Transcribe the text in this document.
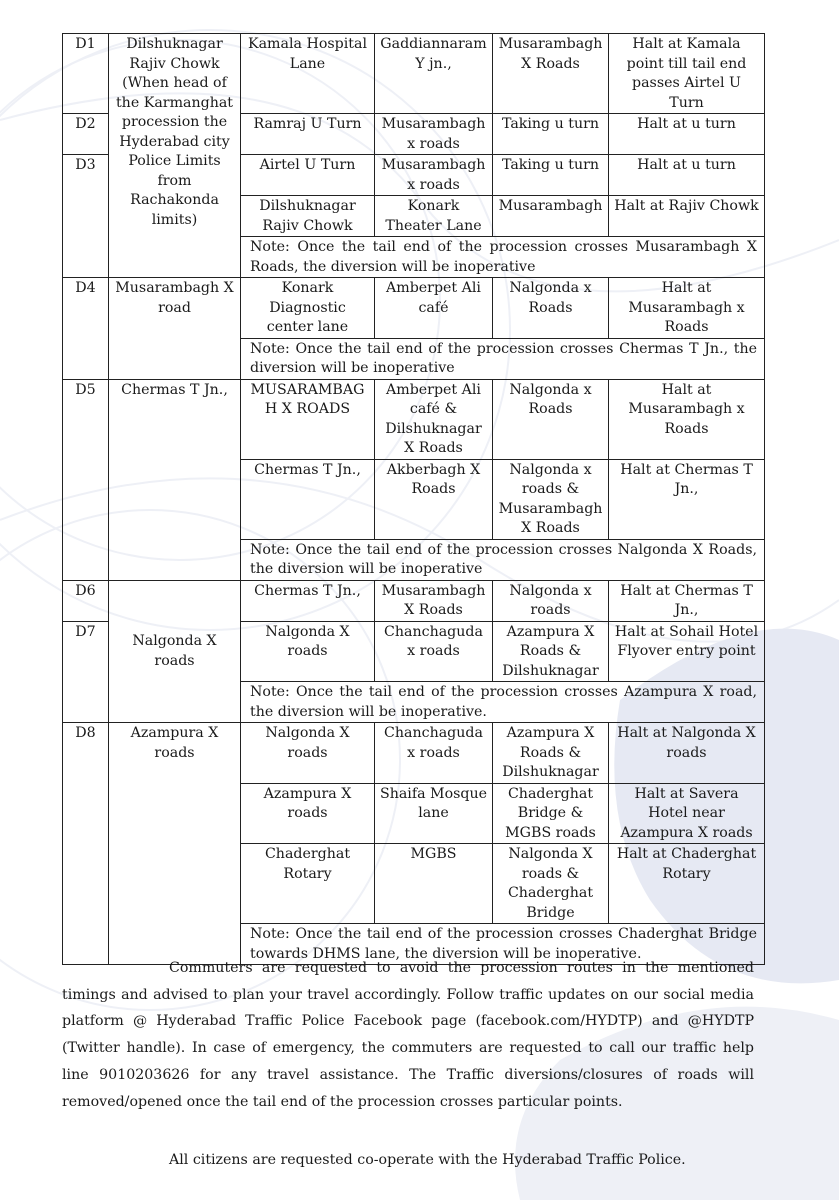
D1	Dilshuknagar Rajiv Chowk (When head of the Karmanghat procession the Hyderabad city Police Limits from Rachakonda limits)	Kamala Hospital Lane	Gaddiannaram Y jn.,	Musarambagh X Roads	Halt at Kamala point till tail end passes Airtel U Turn
D2		Ramraj U Turn	Musarambagh x roads	Taking u turn	Halt at u turn
D3		Airtel U Turn	Musarambagh x roads	Taking u turn	Halt at u turn
		Dilshuknagar Rajiv Chowk	Konark Theater Lane	Musarambagh	Halt at Rajiv Chowk
		Note: Once the tail end of the procession crosses Musarambagh X Roads, the diversion will be inoperative			
D4	Musarambagh X road	Konark Diagnostic center lane	Amberpet Ali café	Nalgonda x Roads	Halt at Musarambagh x Roads
		Note: Once the tail end of the procession crosses Chermas T Jn., the diversion will be inoperative			
D5	Chermas T Jn.,	MUSARAMBAGH X ROADS	Amberpet Ali café & Dilshuknagar X Roads	Nalgonda x Roads	Halt at Musarambagh x Roads
		Chermas T Jn.,	Akberbagh X Roads	Nalgonda x roads & Musarambagh X Roads	Halt at Chermas T Jn.,
		Note: Once the tail end of the procession crosses Nalgonda X Roads, the diversion will be inoperative			
D6	Nalgonda X roads	Chermas T Jn.,	Musarambagh X Roads	Nalgonda x roads	Halt at Chermas T Jn.,
D7		Nalgonda X roads	Chanchaguda x roads	Azampura X Roads & Dilshuknagar	Halt at Sohail Hotel Flyover entry point
		Note: Once the tail end of the procession crosses Azampura X road, the diversion will be inoperative.			
D8	Azampura X roads	Nalgonda X roads	Chanchaguda x roads	Azampura X Roads & Dilshuknagar	Halt at Nalgonda X roads
		Azampura X roads	Shaifa Mosque lane	Chaderghat Bridge & MGBS roads	Halt at Savera Hotel near Azampura X roads
		Chaderghat Rotary	MGBS	Nalgonda X roads & Chaderghat Bridge	Halt at Chaderghat Rotary
		Note: Once the tail end of the procession crosses Chaderghat Bridge towards DHMS lane, the diversion will be inoperative.			

Commuters are requested to avoid the procession routes in the mentioned timings and advised to plan your travel accordingly. Follow traffic updates on our social media platform @ Hyderabad Traffic Police Facebook page (facebook.com/HYDTP) and @HYDTP (Twitter handle). In case of emergency, the commuters are requested to call our traffic help line 9010203626 for any travel assistance. The Traffic diversions/closures of roads will removed/opened once the tail end of the procession crosses particular points.

All citizens are requested co-operate with the Hyderabad Traffic Police.
